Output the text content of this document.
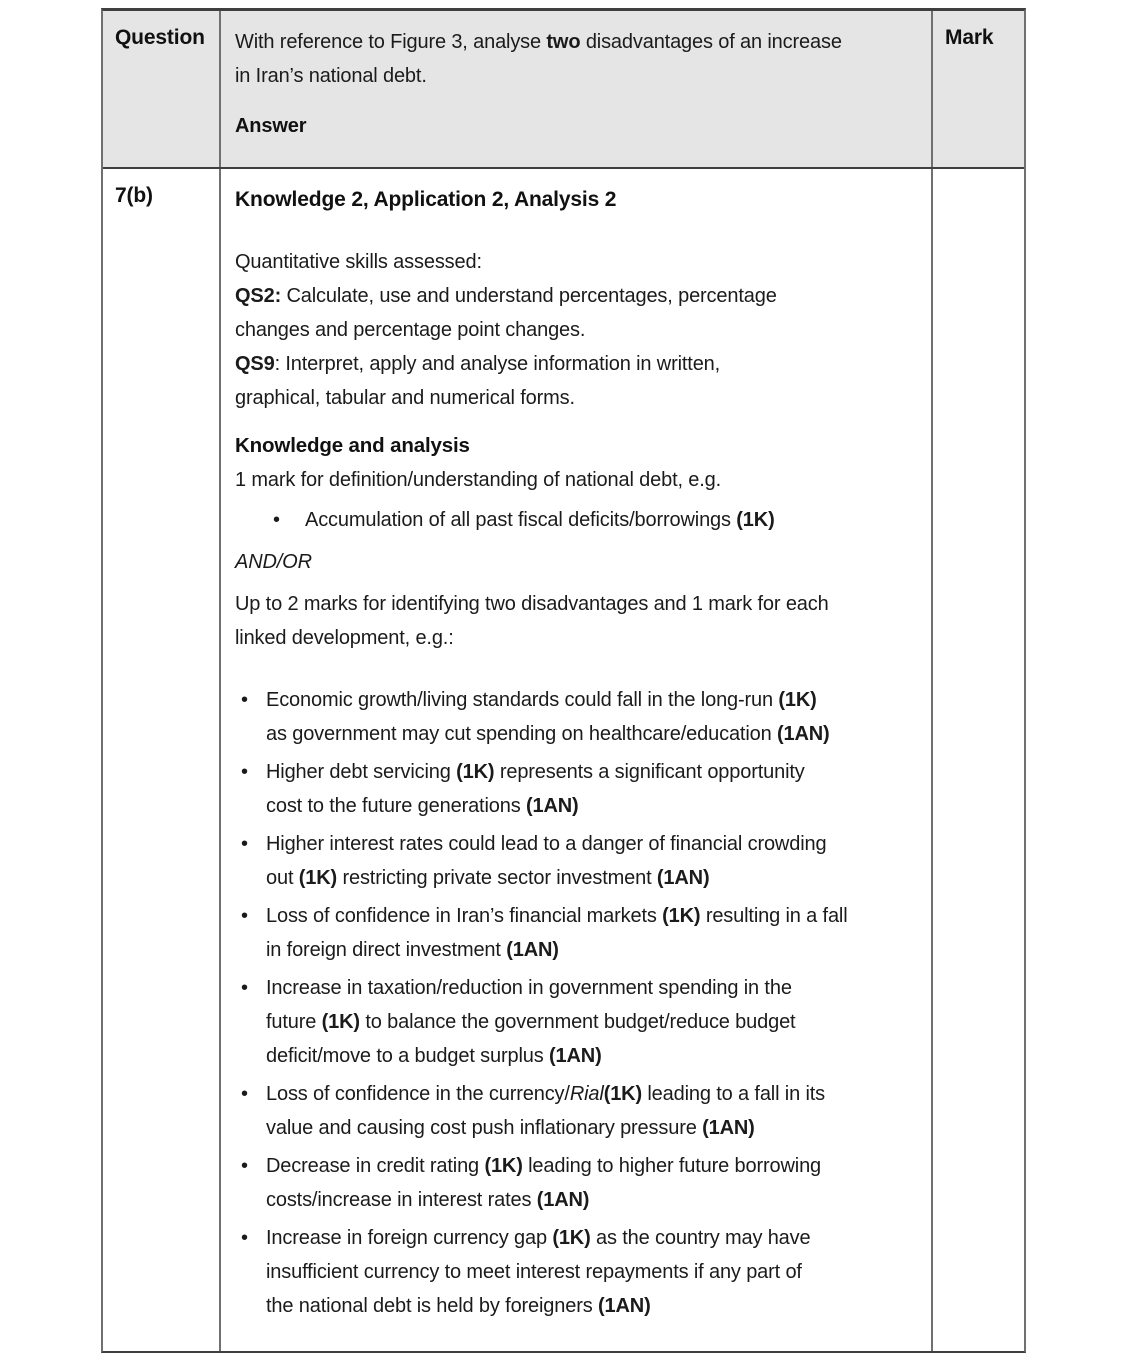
Question	With reference to Figure 3, analyse two disadvantages of an increase
in Iran’s national debt.

Answer

Mark
7(b)	Knowledge 2, Application 2, Analysis 2

Quantitative skills assessed:

QS2: Calculate, use and understand percentages, percentage
changes and percentage point changes.

QS9: Interpret, apply and analyse information in written,
graphical, tabular and numerical forms.

Knowledge and analysis

1 mark for definition/understanding of national debt, e.g.

• Accumulation of all past fiscal deficits/borrowings (1K)

AND/OR

Up to 2 marks for identifying two disadvantages and 1 mark for each
linked development, e.g.:

• Economic growth/living standards could fall in the long-run (1K)
as government may cut spending on healthcare/education (1AN)
• Higher debt servicing (1K) represents a significant opportunity
cost to the future generations (1AN)
• Higher interest rates could lead to a danger of financial crowding
out (1K) restricting private sector investment (1AN)
• Loss of confidence in Iran’s financial markets (1K) resulting in a fall
in foreign direct investment (1AN)
• Increase in taxation/reduction in government spending in the
future (1K) to balance the government budget/reduce budget
deficit/move to a budget surplus (1AN)
• Loss of confidence in the currency/Rial(1K) leading to a fall in its
value and causing cost push inflationary pressure (1AN)
• Decrease in credit rating (1K) leading to higher future borrowing
costs/increase in interest rates (1AN)
• Increase in foreign currency gap (1K) as the country may have
insufficient currency to meet interest repayments if any part of
the national debt is held by foreigners (1AN)
